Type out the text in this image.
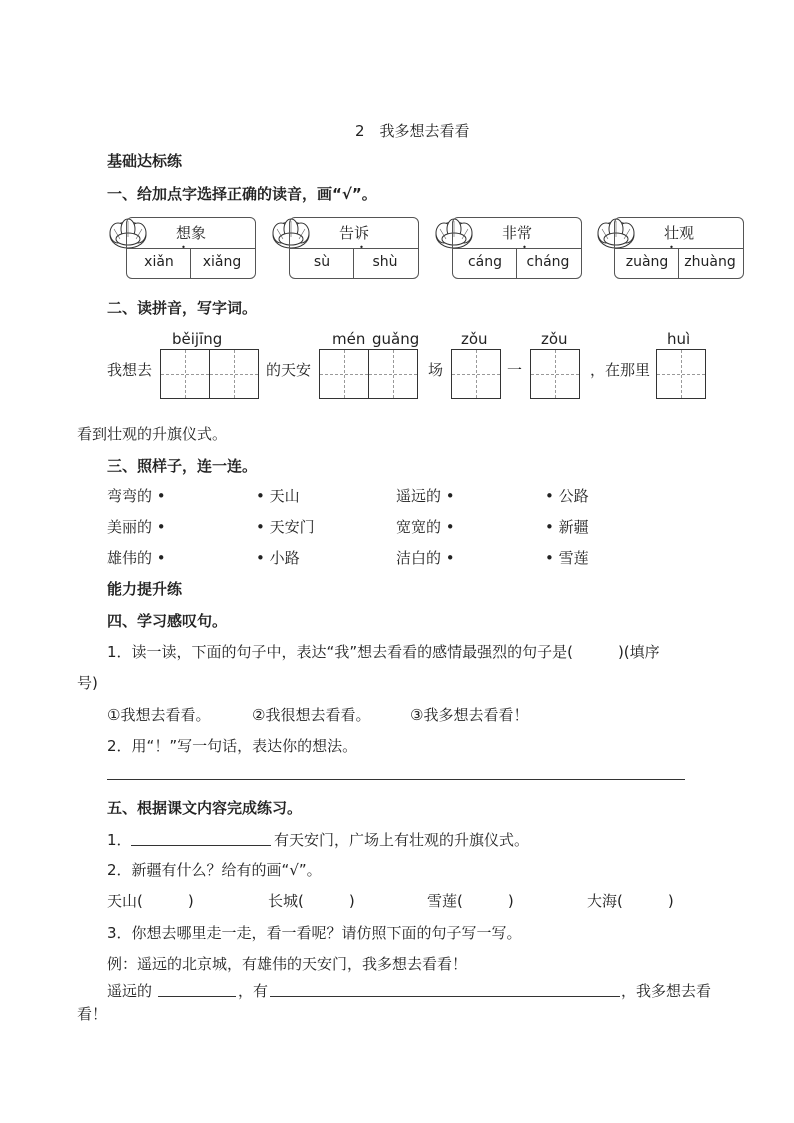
2　我多想去看看
基础达标练
一、给加点字选择正确的读音，画“√”。
想象
xiǎn	xiǎng
告诉
sù	shù
非常
cáng	cháng
壮观
zuàng	zhuàng
二、读拼音，写字词。
běijīng	mén guǎng	zǒu	zǒu	huì
我想去	的天安	场	一	，在那里
看到壮观的升旗仪式。
三、照样子，连一连。
弯弯的 •	• 天山	遥远的 •	• 公路
美丽的 •	• 天安门	宽宽的 •	• 新疆
雄伟的 •	• 小路	洁白的 •	• 雪莲
能力提升练
四、学习感叹句。
1．读一读，下面的句子中，表达“我”想去看看的感情最强烈的句子是(　　　)(填序
号)
①我想去看看。	②我很想去看看。	③我多想去看看！
2．用“！”写一句话，表达你的想法。
五、根据课文内容完成练习。
1．	有天安门，广场上有壮观的升旗仪式。
2．新疆有什么？给有的画“√”。
天山(　　　)	长城(　　　)	雪莲(　　　)	大海(　　　)
3．你想去哪里走一走，看一看呢？请仿照下面的句子写一写。
例：遥远的北京城，有雄伟的天安门，我多想去看看！
遥远的	，有	，我多想去看
看！
